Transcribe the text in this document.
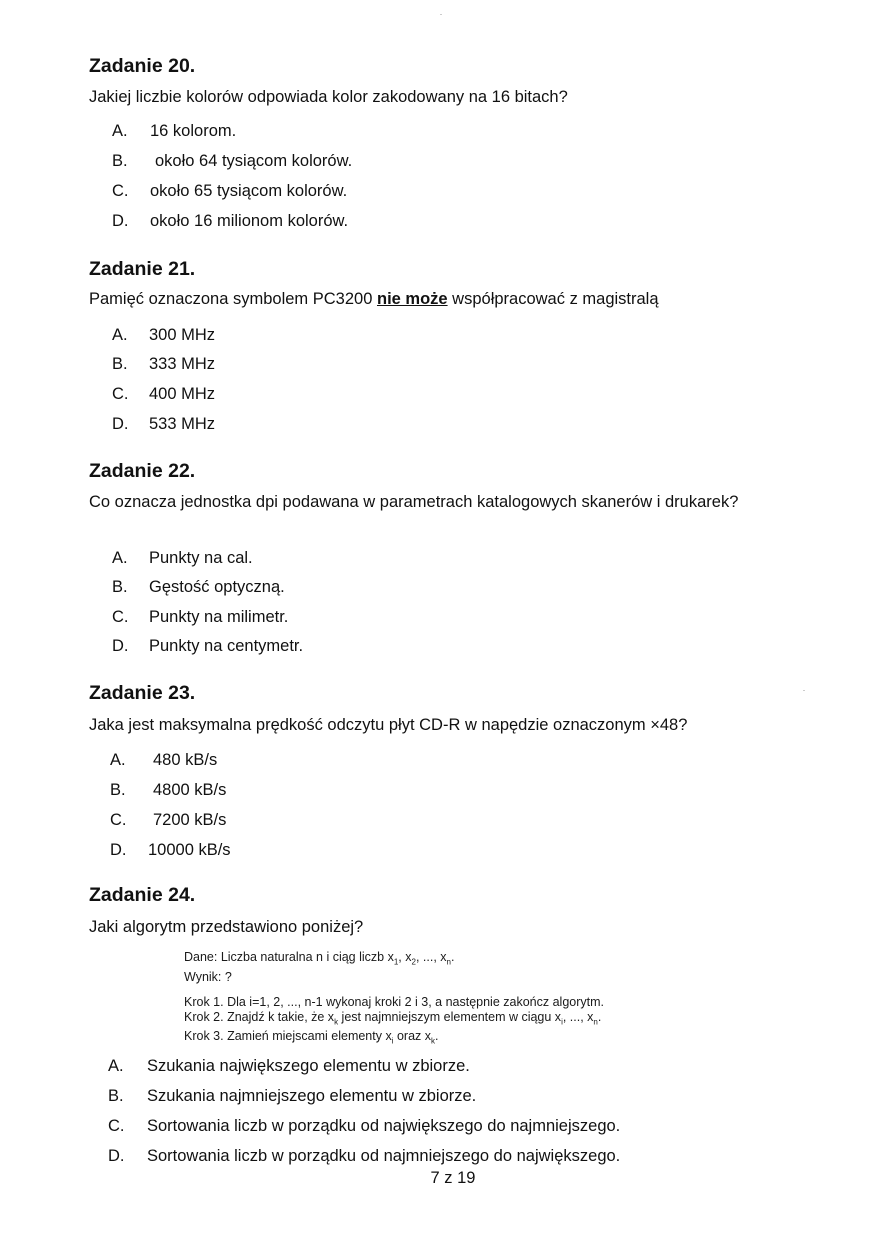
Zadanie 20.

Jakiej liczbie kolorów odpowiada kolor zakodowany na 16 bitach?

A. 16 kolorom.
B. około 64 tysiącom kolorów.
C. około 65 tysiącom kolorów.
D. około 16 milionom kolorów.
Zadanie 21.

Pamięć oznaczona symbolem PC3200 nie może współpracować z magistralą

A. 300 MHz
B. 333 MHz
C. 400 MHz
D. 533 MHz
Zadanie 22.

Co oznacza jednostka dpi podawana w parametrach katalogowych skanerów i drukarek?

A. Punkty na cal.
B. Gęstość optyczną.
C. Punkty na milimetr.
D. Punkty na centymetr.
Zadanie 23.

Jaka jest maksymalna prędkość odczytu płyt CD-R w napędzie oznaczonym ×48?

A. 480 kB/s
B. 4800 kB/s
C. 7200 kB/s
D. 10000 kB/s
Zadanie 24.

Jaki algorytm przedstawiono poniżej?

Dane: Liczba naturalna n i ciąg liczb $x_1$, $x_2$, ..., $x_n$.

Wynik: ?

Krok 1. Dla i=1, 2, ..., n-1 wykonaj kroki 2 i 3, a następnie zakończ algorytm.

Krok 2. Znajdź k takie, że $x_k$ jest najmniejszym elementem w ciągu $x_i$, ..., $x_n$.

Krok 3. Zamień miejscami elementy $x_i$ oraz $x_k$.

A. Szukania największego elementu w zbiorze.
B. Szukania najmniejszego elementu w zbiorze.
C. Sortowania liczb w porządku od największego do najmniejszego.
D. Sortowania liczb w porządku od najmniejszego do największego.
7 z 19
